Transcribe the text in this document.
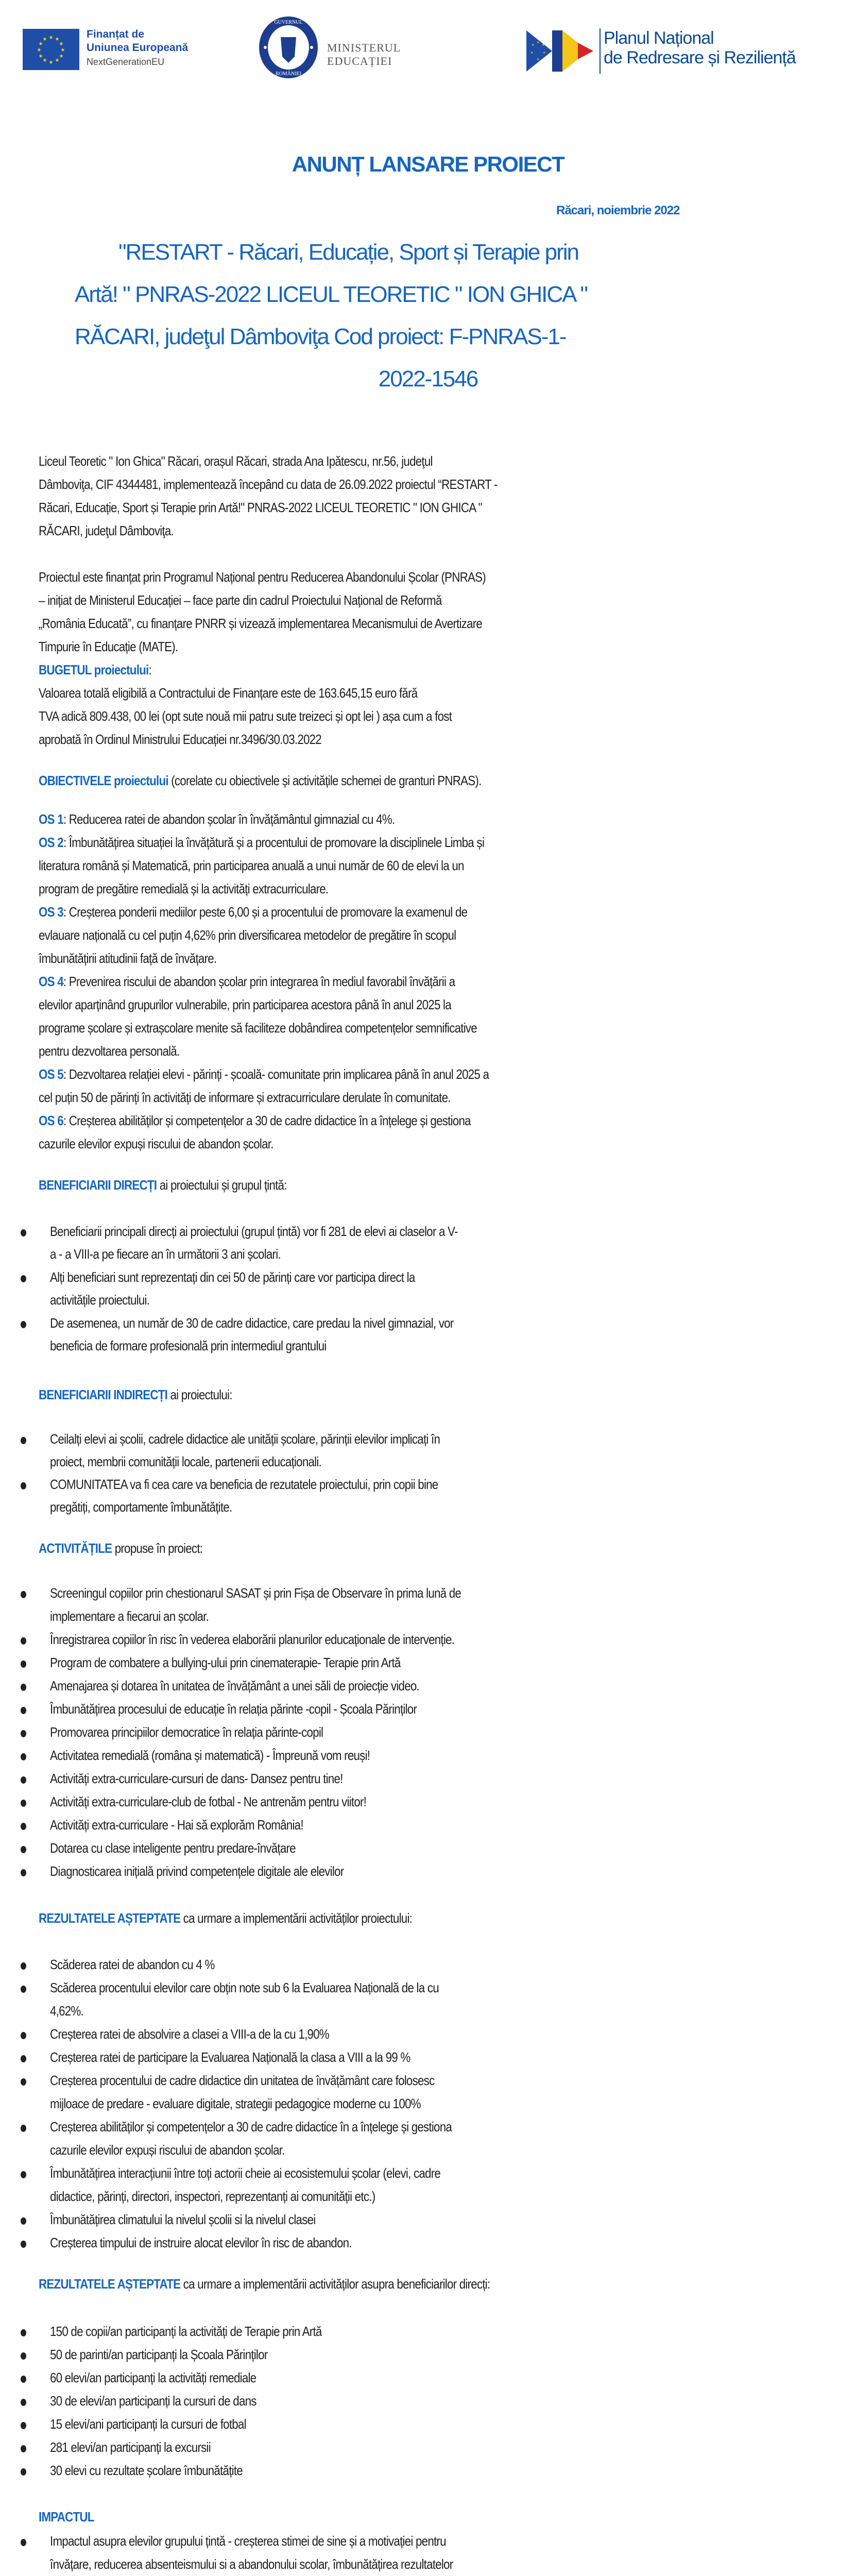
★ ★
★
★
★
★
★
★
★
★
★
★	Finanțat de
Uniunea Europeană
NextGenerationEU
GUVERNUL
ROMÂNIEI
MINISTERUL EDUCAȚIEI
★
★
★
★	★
★
Planul Național
de Redresare și Reziliență
ANUNȚ LANSARE PROIECT
Răcari, noiembrie 2022
"RESTART - Răcari, Educație, Sport și Terapie prin
Artă! " PNRAS-2022 LICEUL TEORETIC " ION GHICA "
RĂCARI, judeţul Dâmboviţa Cod proiect: F-PNRAS-1-
2022-1546
Liceul Teoretic " Ion Ghica" Răcari, orașul Răcari, strada Ana Ipătescu, nr.56, judeţul
Dâmboviţa, CIF 4344481, implementează începând cu data de 26.09.2022 proiectul “RESTART -
Răcari, Educație, Sport și Terapie prin Artă!" PNRAS-2022 LICEUL TEORETIC " ION GHICA "
RĂCARI, judeţul Dâmboviţa.
Proiectul este finanțat prin Programul Național pentru Reducerea Abandonului Școlar (PNRAS)
– inițiat de Ministerul Educației – face parte din cadrul Proiectului Național de Reformă
„România Educată”, cu finanțare PNRR și vizează implementarea Mecanismului de Avertizare
Timpurie în Educație (MATE).
BUGETUL proiectului:
Valoarea totală eligibilă a Contractului de Finanțare este de 163.645,15 euro fără
TVA adică 809.438, 00 lei (opt sute nouă mii patru sute treizeci și opt lei ) așa cum a fost
aprobată în Ordinul Ministrului Educației nr.3496/30.03.2022
OBIECTIVELE proiectului (corelate cu obiectivele și activitățile schemei de granturi PNRAS).
OS 1: Reducerea ratei de abandon școlar în învățământul gimnazial cu 4%.
OS 2: Îmbunătățirea situației la învățătură și a procentului de promovare la disciplinele Limba și
literatura română și Matematică, prin participarea anuală a unui număr de 60 de elevi la un
program de pregătire remedială și la activități extracurriculare.
OS 3: Creșterea ponderii mediilor peste 6,00 și a procentului de promovare la examenul de
evlauare națională cu cel puțin 4,62% prin diversificarea metodelor de pregătire în scopul
îmbunătățirii atitudinii față de învățare.
OS 4: Prevenirea riscului de abandon școlar prin integrarea în mediul favorabil învățării a
elevilor aparținând grupurilor vulnerabile, prin participarea acestora până în anul 2025 la
programe școlare și extrașcolare menite să faciliteze dobândirea competențelor semnificative
pentru dezvoltarea personală.
OS 5: Dezvoltarea relației elevi - părinți - școală- comunitate prin implicarea până în anul 2025 a
cel puțin 50 de părinți în activități de informare și extracurriculare derulate în comunitate.
OS 6: Creșterea abilităților și competențelor a 30 de cadre didactice în a înțelege și gestiona
cazurile elevilor expuși riscului de abandon școlar.
BENEFICIARII DIRECȚI ai proiectului și grupul țintă:
Beneficiarii principali direcți ai proiectului (grupul țintă) vor fi 281 de elevi ai claselor a V-
a - a VIII-a pe fiecare an în următorii 3 ani școlari.
Alți beneficiari sunt reprezentați din cei 50 de părinți care vor participa direct la
activitățile proiectului.
De asemenea, un număr de 30 de cadre didactice, care predau la nivel gimnazial, vor
beneficia de formare profesională prin intermediul grantului
BENEFICIARII INDIRECȚI ai proiectului:
Ceilalți elevi ai școlii, cadrele didactice ale unității școlare, părinții elevilor implicați în
proiect, membrii comunității locale, partenerii educaționali.
COMUNITATEA va fi cea care va beneficia de rezutatele proiectului, prin copii bine
pregătiți, comportamente îmbunătățite.
ACTIVITĂȚILE propuse în proiect:
Screeningul copiilor prin chestionarul SASAT și prin Fișa de Observare în prima lună de
implementare a fiecarui an școlar.
Înregistrarea copiilor în risc în vederea elaborării planurilor educaționale de intervenție.
Program de combatere a bullying-ului prin cinematerapie- Terapie prin Artă
Amenajarea și dotarea în unitatea de învățământ a unei săli de proiecție video.
Îmbunătățirea procesului de educație în relația părinte -copil - Școala Părinților
Promovarea principiilor democratice în relația părinte-copil
Activitatea remedială (româna și matematică) - Împreună vom reuși!
Activități extra-curriculare-cursuri de dans- Dansez pentru tine!
Activități extra-curriculare-club de fotbal - Ne antrenăm pentru viitor!
Activități extra-curriculare - Hai să explorăm România!
Dotarea cu clase inteligente pentru predare-învățare
Diagnosticarea inițială privind competențele digitale ale elevilor
REZULTATELE AȘTEPTATE ca urmare a implementării activităților proiectului:
Scăderea ratei de abandon cu 4 %
Scăderea procentului elevilor care obțin note sub 6 la Evaluarea Națională de la cu
4,62%.
Creșterea ratei de absolvire a clasei a VIII-a de la cu 1,90%
Creșterea ratei de participare la Evaluarea Națională la clasa a VIII a la 99 %
Creșterea procentului de cadre didactice din unitatea de învățământ care folosesc
mijloace de predare - evaluare digitale, strategii pedagogice moderne cu 100%
Creșterea abilităților și competențelor a 30 de cadre didactice în a înțelege și gestiona
cazurile elevilor expuși riscului de abandon școlar.
Îmbunătățirea interacțiunii între toți actorii cheie ai ecosistemului școlar (elevi, cadre
didactice, părinți, directori, inspectori, reprezentanți ai comunității etc.)
Îmbunătățirea climatului la nivelul școlii si la nivelul clasei
Creșterea timpului de instruire alocat elevilor în risc de abandon.
REZULTATELE AȘTEPTATE ca urmare a implementării activităților asupra beneficiarilor direcți:
150 de copii/an participanți la activități de Terapie prin Artă
50 de parinti/an participanți la Școala Părinților
60 elevi/an participanți la activități remediale
30 de elevi/an participanți la cursuri de dans
15 elevi/ani participanți la cursuri de fotbal
281 elevi/an participanți la excursii
30 elevi cu rezultate școlare îmbunătățite
IMPACTUL
Impactul asupra elevilor grupului țintă - creșterea stimei de sine și a motivației pentru
învățare, reducerea absenteismului si a abandonului scolar, îmbunătățirea rezultatelor
